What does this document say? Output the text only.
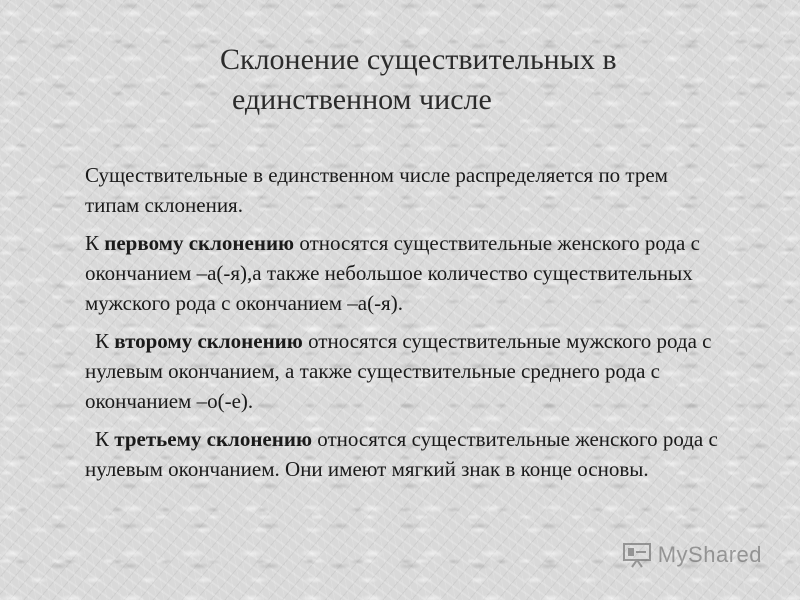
Склонение существительных в
единственном числе

Существительные в единственном числе распределяется по трем типам склонения.

К первому склонению относятся существительные женского рода с окончанием –а(-я),а также небольшое количество существительных мужского рода с окончанием –а(-я).

К второму склонению относятся существительные мужского рода с нулевым окончанием, а также существительные среднего рода с окончанием –о(-е).

К третьему склонению относятся существительные женского рода с нулевым окончанием. Они имеют мягкий знак в конце основы.

MyShared
